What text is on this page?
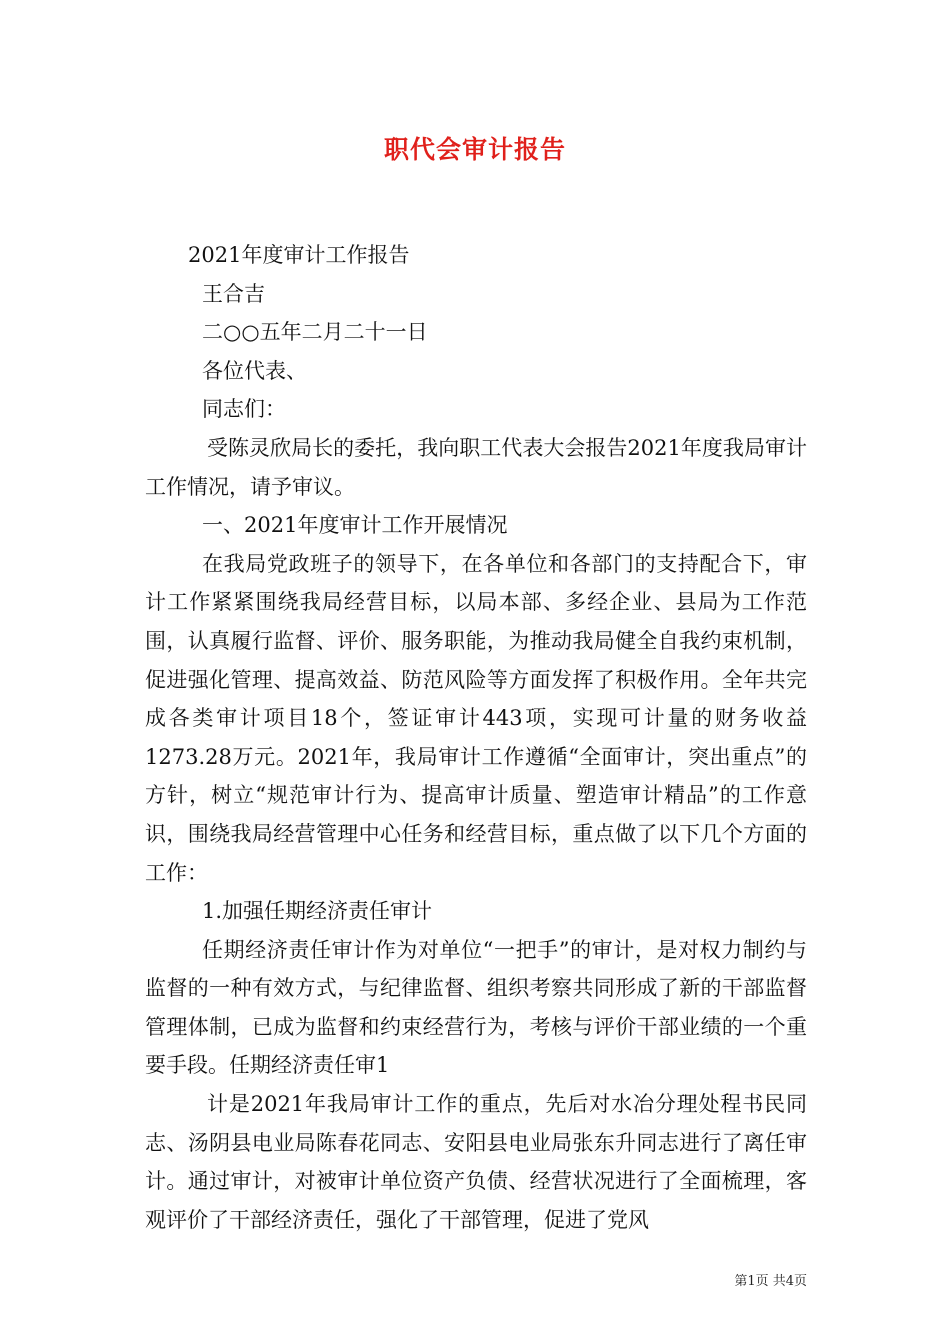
职代会审计报告

2021年度审计工作报告

王合吉

二○○五年二月二十一日

各位代表、

同志们：

受陈灵欣局长的委托，我向职工代表大会报告2021年度我局审计工作情况，请予审议。

一、2021年度审计工作开展情况

在我局党政班子的领导下，在各单位和各部门的支持配合下，审计工作紧紧围绕我局经营目标，以局本部、多经企业、县局为工作范围，认真履行监督、评价、服务职能，为推动我局健全自我约束机制，促进强化管理、提高效益、防范风险等方面发挥了积极作用。全年共完成各类审计项目18个，签证审计443项，实现可计量的财务收益1273.28万元。2021年，我局审计工作遵循“全面审计，突出重点”的方针，树立“规范审计行为、提高审计质量、塑造审计精品”的工作意识，围绕我局经营管理中心任务和经营目标，重点做了以下几个方面的工作：

1.加强任期经济责任审计

任期经济责任审计作为对单位“一把手”的审计，是对权力制约与监督的一种有效方式，与纪律监督、组织考察共同形成了新的干部监督管理体制，已成为监督和约束经营行为，考核与评价干部业绩的一个重要手段。任期经济责任审1

计是2021年我局审计工作的重点，先后对水冶分理处程书民同志、汤阴县电业局陈春花同志、安阳县电业局张东升同志进行了离任审计。通过审计，对被审计单位资产负债、经营状况进行了全面梳理，客观评价了干部经济责任，强化了干部管理，促进了党风

第1页 共4页
